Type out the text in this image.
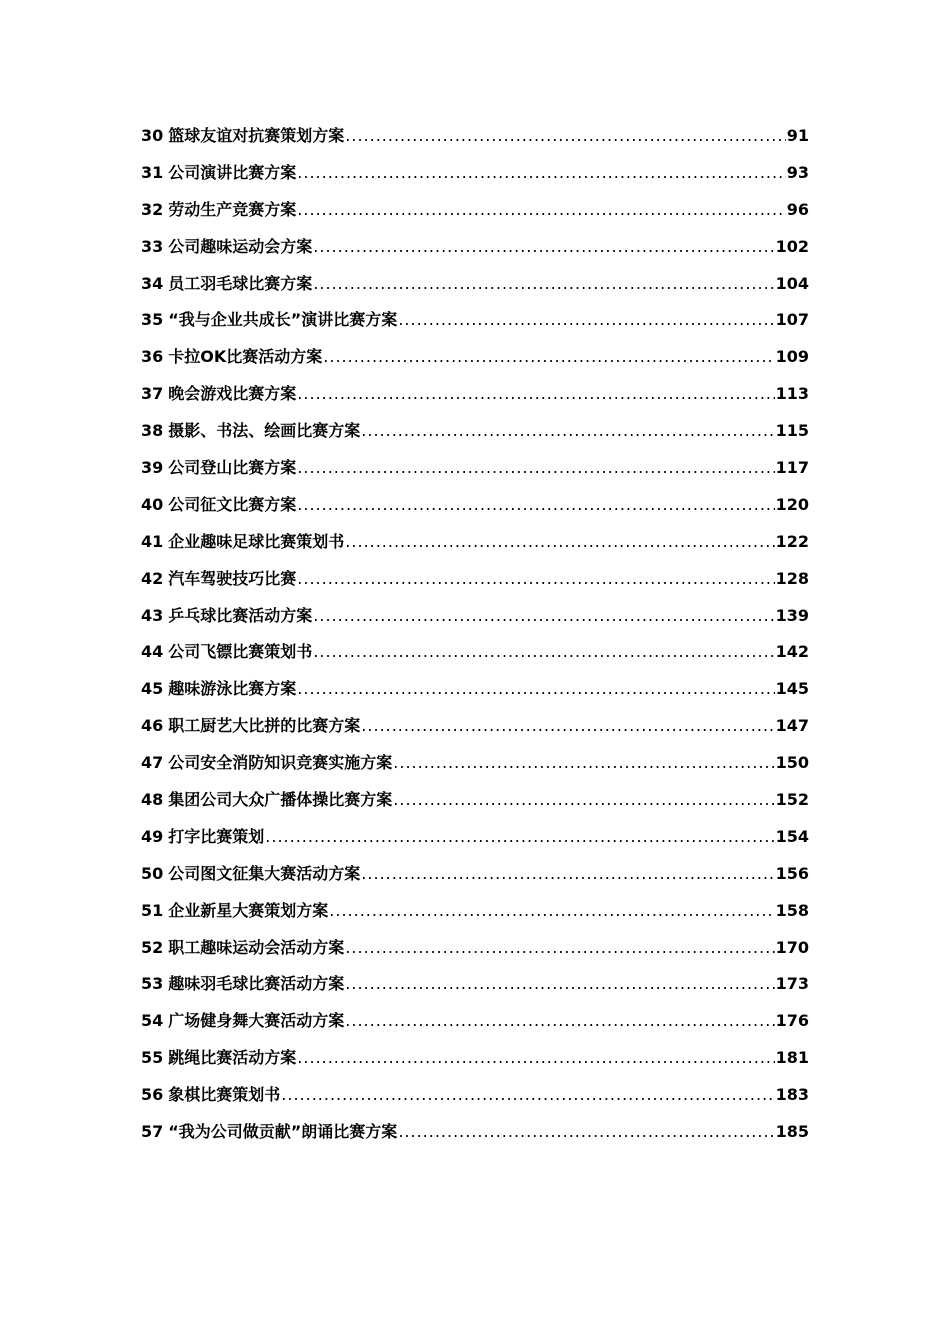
30 篮球友谊对抗赛策划方案 .....	91
31 公司演讲比赛方案 .....	93
32 劳动生产竞赛方案 .....	96
33 公司趣味运动会方案 .....	102
34 员工羽毛球比赛方案 .....	104
35 “我与企业共成长”演讲比赛方案 .....	107
36 卡拉OK比赛活动方案 .....	109
37 晚会游戏比赛方案 .....	113
38 摄影、书法、绘画比赛方案 .....	115
39 公司登山比赛方案 .....	117
40 公司征文比赛方案 .....	120
41 企业趣味足球比赛策划书 .....	122
42 汽车驾驶技巧比赛 .....	128
43 乒乓球比赛活动方案 .....	139
44 公司飞镖比赛策划书 .....	142
45 趣味游泳比赛方案 .....	145
46 职工厨艺大比拼的比赛方案 .....	147
47 公司安全消防知识竞赛实施方案 .....	150
48 集团公司大众广播体操比赛方案 .....	152
49 打字比赛策划 .....	154
50 公司图文征集大赛活动方案 .....	156
51 企业新星大赛策划方案 .....	158
52 职工趣味运动会活动方案 .....	170
53 趣味羽毛球比赛活动方案 .....	173
54 广场健身舞大赛活动方案 .....	176
55 跳绳比赛活动方案 .....	181
56 象棋比赛策划书 .....	183
57 “我为公司做贡献”朗诵比赛方案 .....	185
